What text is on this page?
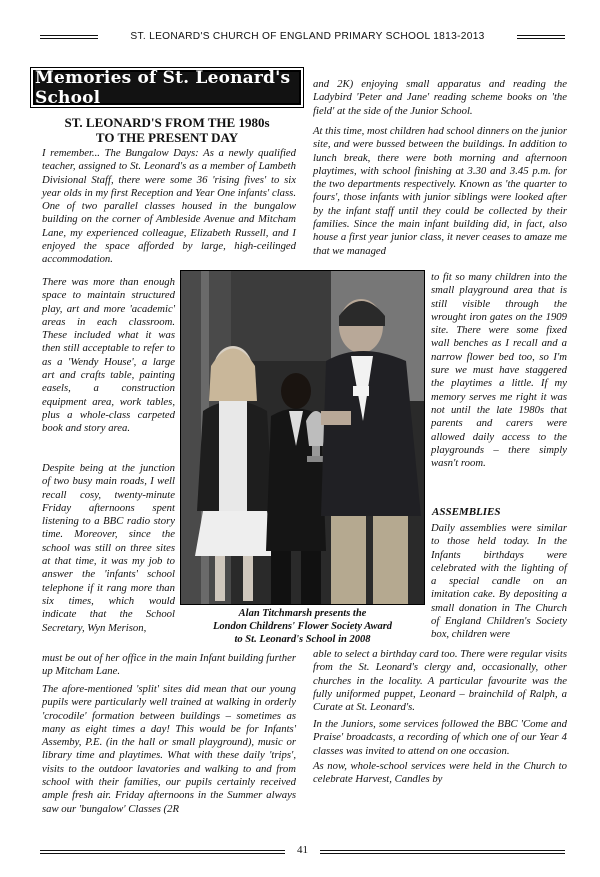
ST. LEONARD'S CHURCH OF ENGLAND PRIMARY SCHOOL 1813-2013
Memories of St. Leonard's School
ST. LEONARD'S FROM THE 1980s
TO THE PRESENT DAY
I remember... The Bungalow Days: As a newly qualified teacher, assigned to St. Leonard's as a member of Lambeth Divisional Staff, there were some 36 'rising fives' to six year olds in my first Reception and Year One infants' class. One of two parallel classes housed in the bungalow building on the corner of Ambleside Avenue and Mitcham Lane, my experienced colleague, Elizabeth Russell, and I enjoyed the space afforded by large, high-ceilinged accommodation.
There was more than enough space to maintain structured play, art and more 'academic' areas in each classroom. These included what it was then still acceptable to refer to as a 'Wendy House', a large art and crafts table, painting easels, a construction equipment area, work tables, plus a whole-class carpeted book and story area.
Despite being at the junction of two busy main roads, I well recall cosy, twenty-minute Friday afternoons spent listening to a BBC radio story time. Moreover, since the school was still on three sites at that time, it was my job to answer the 'infants' school telephone if it rang more than six times, which would indicate that the School Secretary, Wyn Merison,
must be out of her office in the main Infant building further up Mitcham Lane.
The afore-mentioned 'split' sites did mean that our young pupils were particularly well trained at walking in orderly 'crocodile' formation between buildings – sometimes as many as eight times a day! This would be for Infants' Assemby, P.E. (in the hall or small playground), music or library time and playtimes. What with these daily 'trips', visits to the outdoor lavatories and walking to and from school with their families, our pupils certainly received ample fresh air. Friday afternoons in the Summer always saw our 'bungalow' Classes (2R
and 2K) enjoying small apparatus and reading the Ladybird 'Peter and Jane' reading scheme books on 'the field' at the side of the Junior School.
At this time, most children had school dinners on the junior site, and were bussed between the buildings. In addition to lunch break, there were both morning and afternoon playtimes, with school finishing at 3.30 and 3.45 p.m. for the two departments respectively. Known as 'the quarter to fours', those infants with junior siblings were looked after by the infant staff until they could be collected by their families. Since the main infant building did, in fact, also house a first year junior class, it never ceases to amaze me that we managed
to fit so many children into the small playground area that is still visible through the wrought iron gates on the 1909 site. There were some fixed wall benches as I recall and a narrow flower bed too, so I'm sure we must have staggered the playtimes a little. If my memory serves me right it was not until the late 1980s that parents and carers were allowed daily access to the playgrounds – there simply wasn't room.
ASSEMBLIES
Daily assemblies were similar to those held today. In the Infants birthdays were celebrated with the lighting of a special candle on an imitation cake. By depositing a small donation in The Church of England Children's Society box, children were
able to select a birthday card too. There were regular visits from the St. Leonard's clergy and, occasionally, other churches in the locality. A particular favourite was the fully uniformed puppet, Leonard – brainchild of Ralph, a Curate at St. Leonard's.
In the Juniors, some services followed the BBC 'Come and Praise' broadcasts, a recording of which one of our Year 4 classes was invited to attend on one occasion.
As now, whole-school services were held in the Church to celebrate Harvest, Candles by
Alan Titchmarsh presents the
London Childrens' Flower Society Award
to St. Leonard's School in 2008
41
